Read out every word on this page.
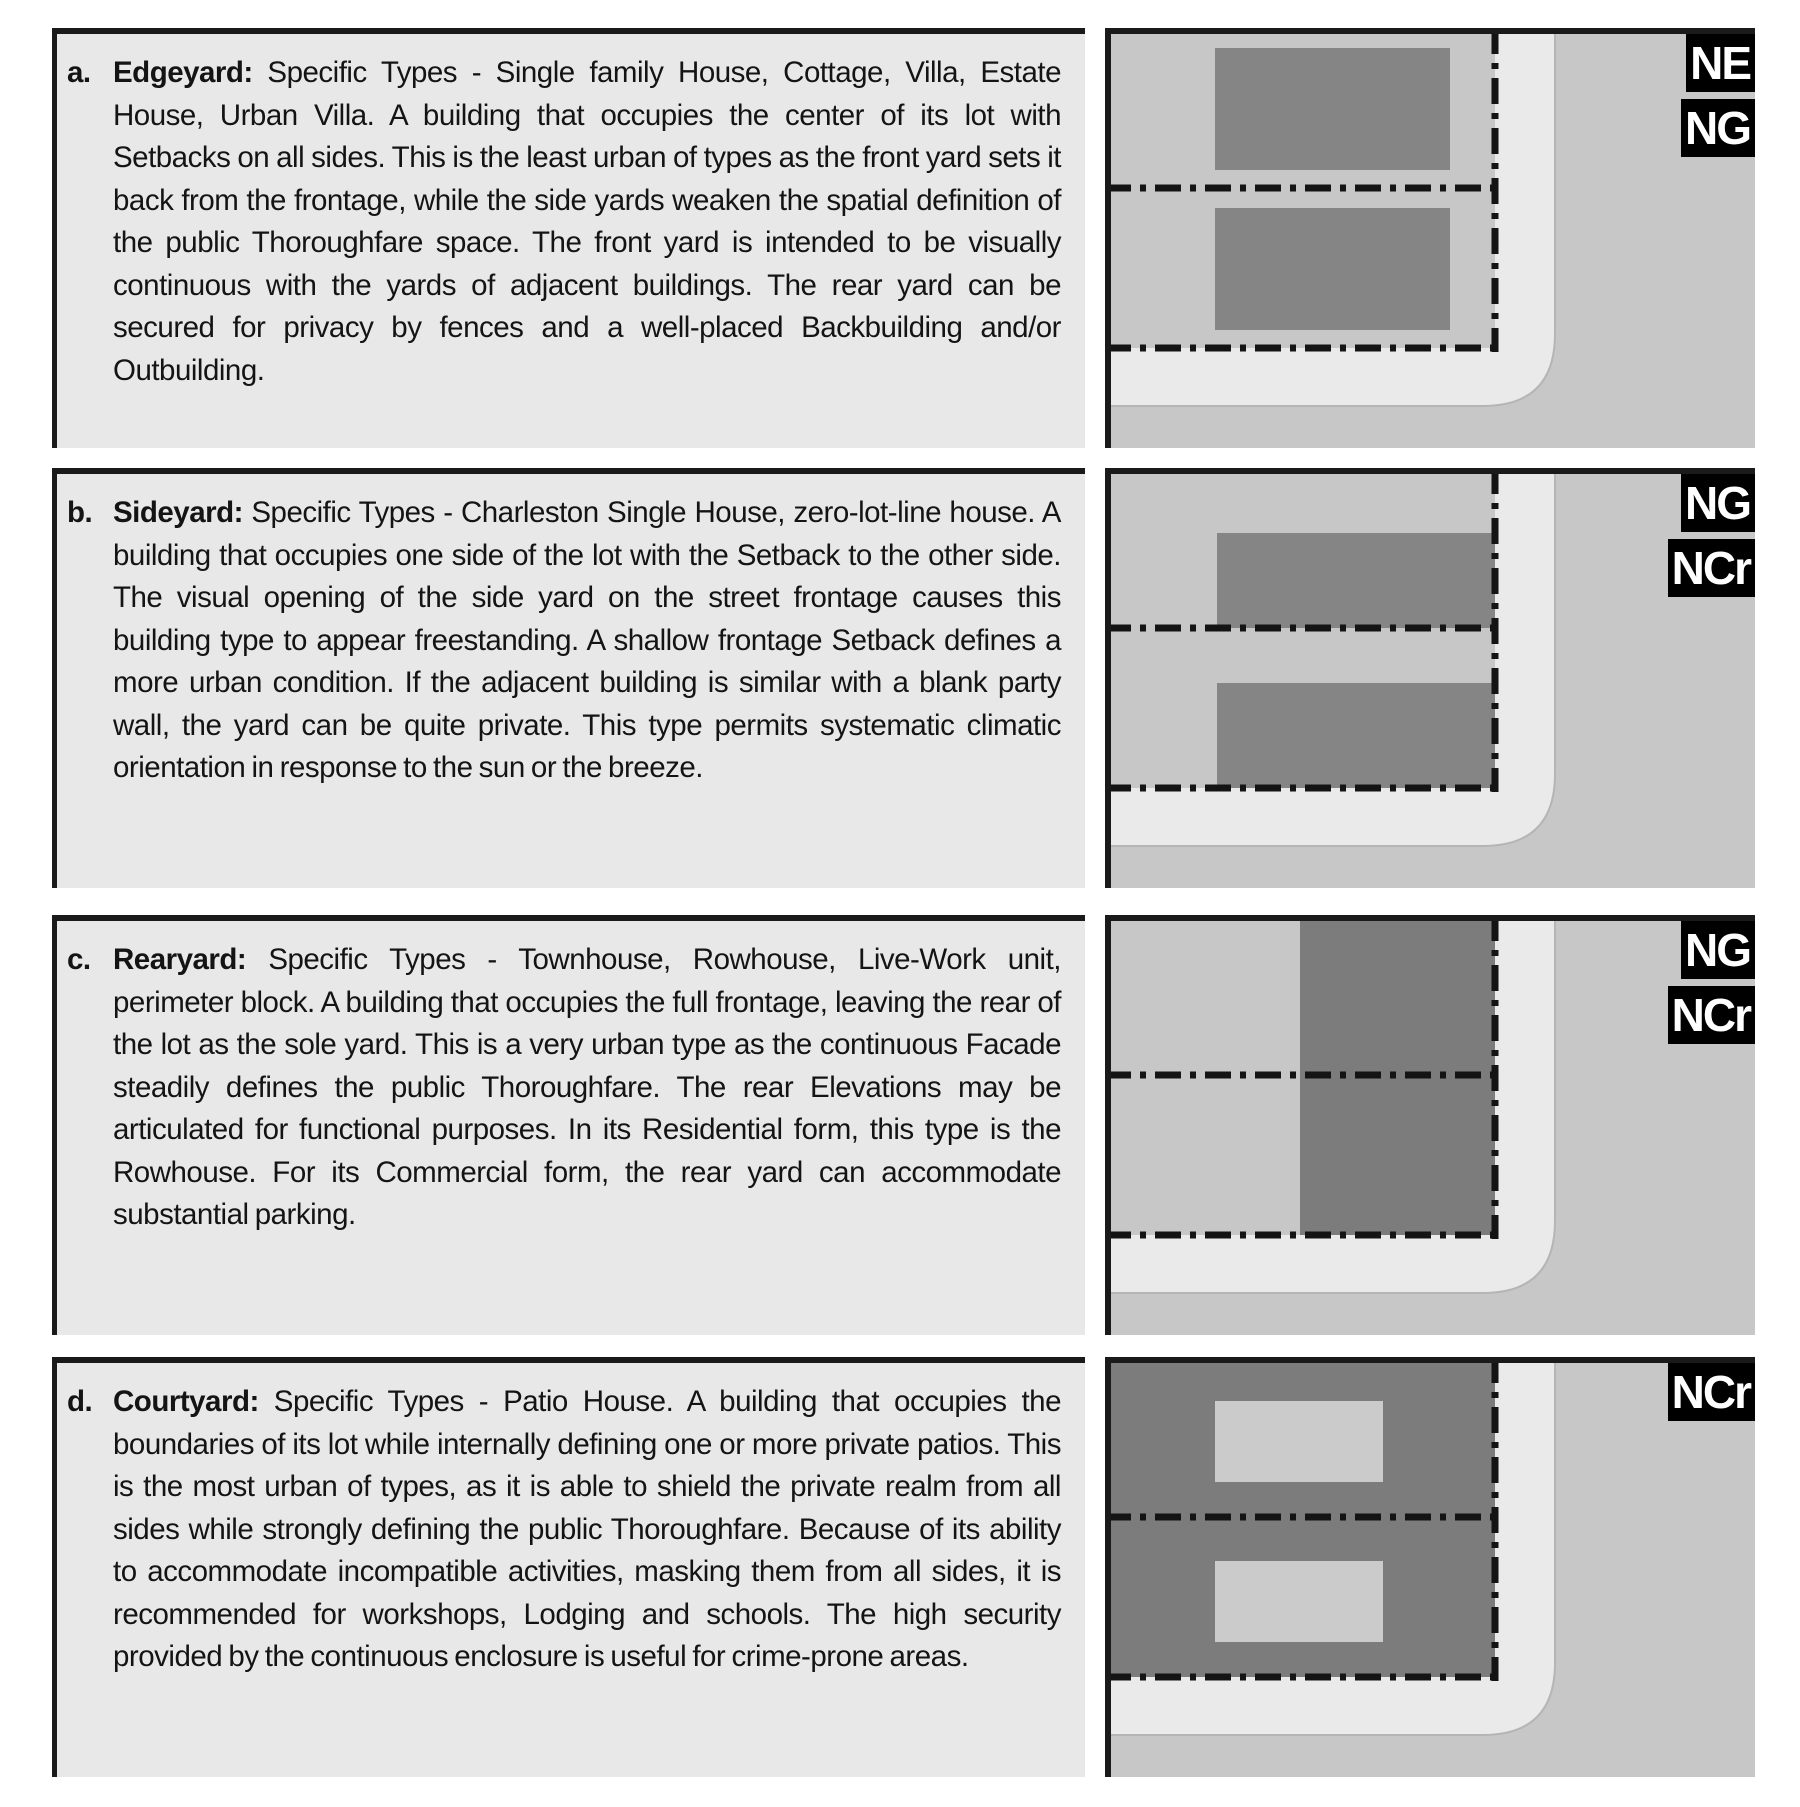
a. Edgeyard: Specific Types - Single family House, Cottage, Villa, Estate House, Urban Villa. A building that occupies the center of its lot with Setbacks on all sides. This is the least urban of types as the front yard sets it back from the frontage, while the side yards weaken the spatial definition of the public Thoroughfare space. The front yard is intended to be visually continuous with the yards of adjacent buildings. The rear yard can be secured for privacy by fences and a well-placed Backbuilding and/or Outbuilding.

NE
NG

b. Sideyard: Specific Types - Charleston Single House, zero-lot-line house. A building that occupies one side of the lot with the Setback to the other side. The visual opening of the side yard on the street frontage causes this building type to appear freestanding. A shallow frontage Setback defines a more urban condition. If the adjacent building is similar with a blank party wall, the yard can be quite private. This type permits systematic climatic orientation in response to the sun or the breeze.

NG
NCr

c. Rearyard: Specific Types - Townhouse, Rowhouse, Live-Work unit, perimeter block. A building that occupies the full frontage, leaving the rear of the lot as the sole yard. This is a very urban type as the continuous Facade steadily defines the public Thoroughfare. The rear Elevations may be articulated for functional purposes. In its Residential form, this type is the Rowhouse. For its Commercial form, the rear yard can accommodate substantial parking.

NG
NCr

d. Courtyard: Specific Types - Patio House. A building that occupies the boundaries of its lot while internally defining one or more private patios. This is the most urban of types, as it is able to shield the private realm from all sides while strongly defining the public Thoroughfare. Because of its ability to accommodate incompatible activities, masking them from all sides, it is recommended for workshops, Lodging and schools. The high security provided by the continuous enclosure is useful for crime-prone areas.

NCr
